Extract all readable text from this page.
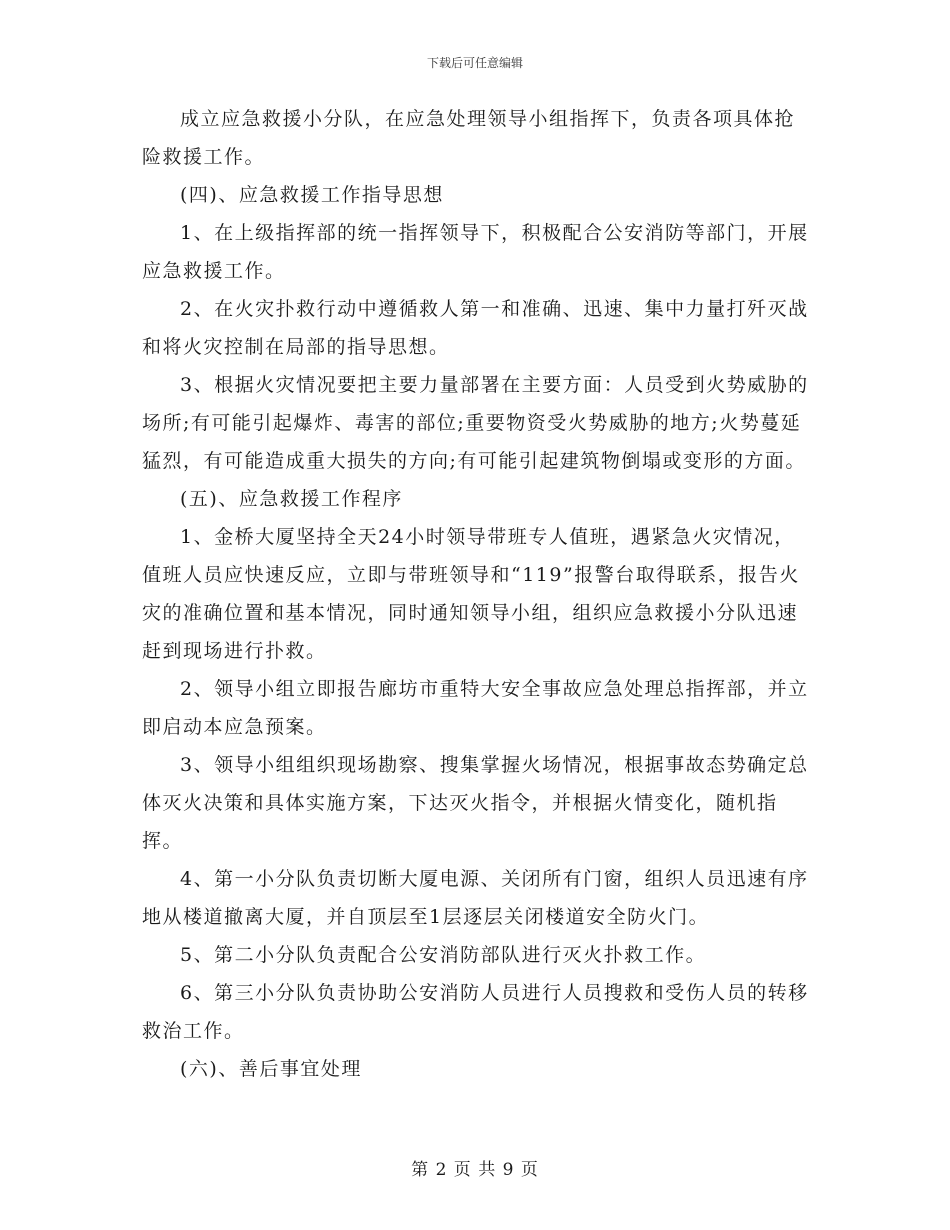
下载后可任意编辑

成立应急救援小分队，在应急处理领导小组指挥下，负责各项具体抢险救援工作。

(四)、应急救援工作指导思想

1、在上级指挥部的统一指挥领导下，积极配合公安消防等部门，开展应急救援工作。

2、在火灾扑救行动中遵循救人第一和准确、迅速、集中力量打歼灭战和将火灾控制在局部的指导思想。

3、根据火灾情况要把主要力量部署在主要方面：人员受到火势威胁的场所;有可能引起爆炸、毒害的部位;重要物资受火势威胁的地方;火势蔓延猛烈，有可能造成重大损失的方向;有可能引起建筑物倒塌或变形的方面。

(五)、应急救援工作程序

1、金桥大厦坚持全天24小时领导带班专人值班，遇紧急火灾情况，值班人员应快速反应，立即与带班领导和“119”报警台取得联系，报告火灾的准确位置和基本情况，同时通知领导小组，组织应急救援小分队迅速赶到现场进行扑救。

2、领导小组立即报告廊坊市重特大安全事故应急处理总指挥部，并立即启动本应急预案。

3、领导小组组织现场勘察、搜集掌握火场情况，根据事故态势确定总体灭火决策和具体实施方案，下达灭火指令，并根据火情变化，随机指挥。

4、第一小分队负责切断大厦电源、关闭所有门窗，组织人员迅速有序地从楼道撤离大厦，并自顶层至1层逐层关闭楼道安全防火门。

5、第二小分队负责配合公安消防部队进行灭火扑救工作。

6、第三小分队负责协助公安消防人员进行人员搜救和受伤人员的转移救治工作。

(六)、善后事宜处理

第 2 页 共 9 页
